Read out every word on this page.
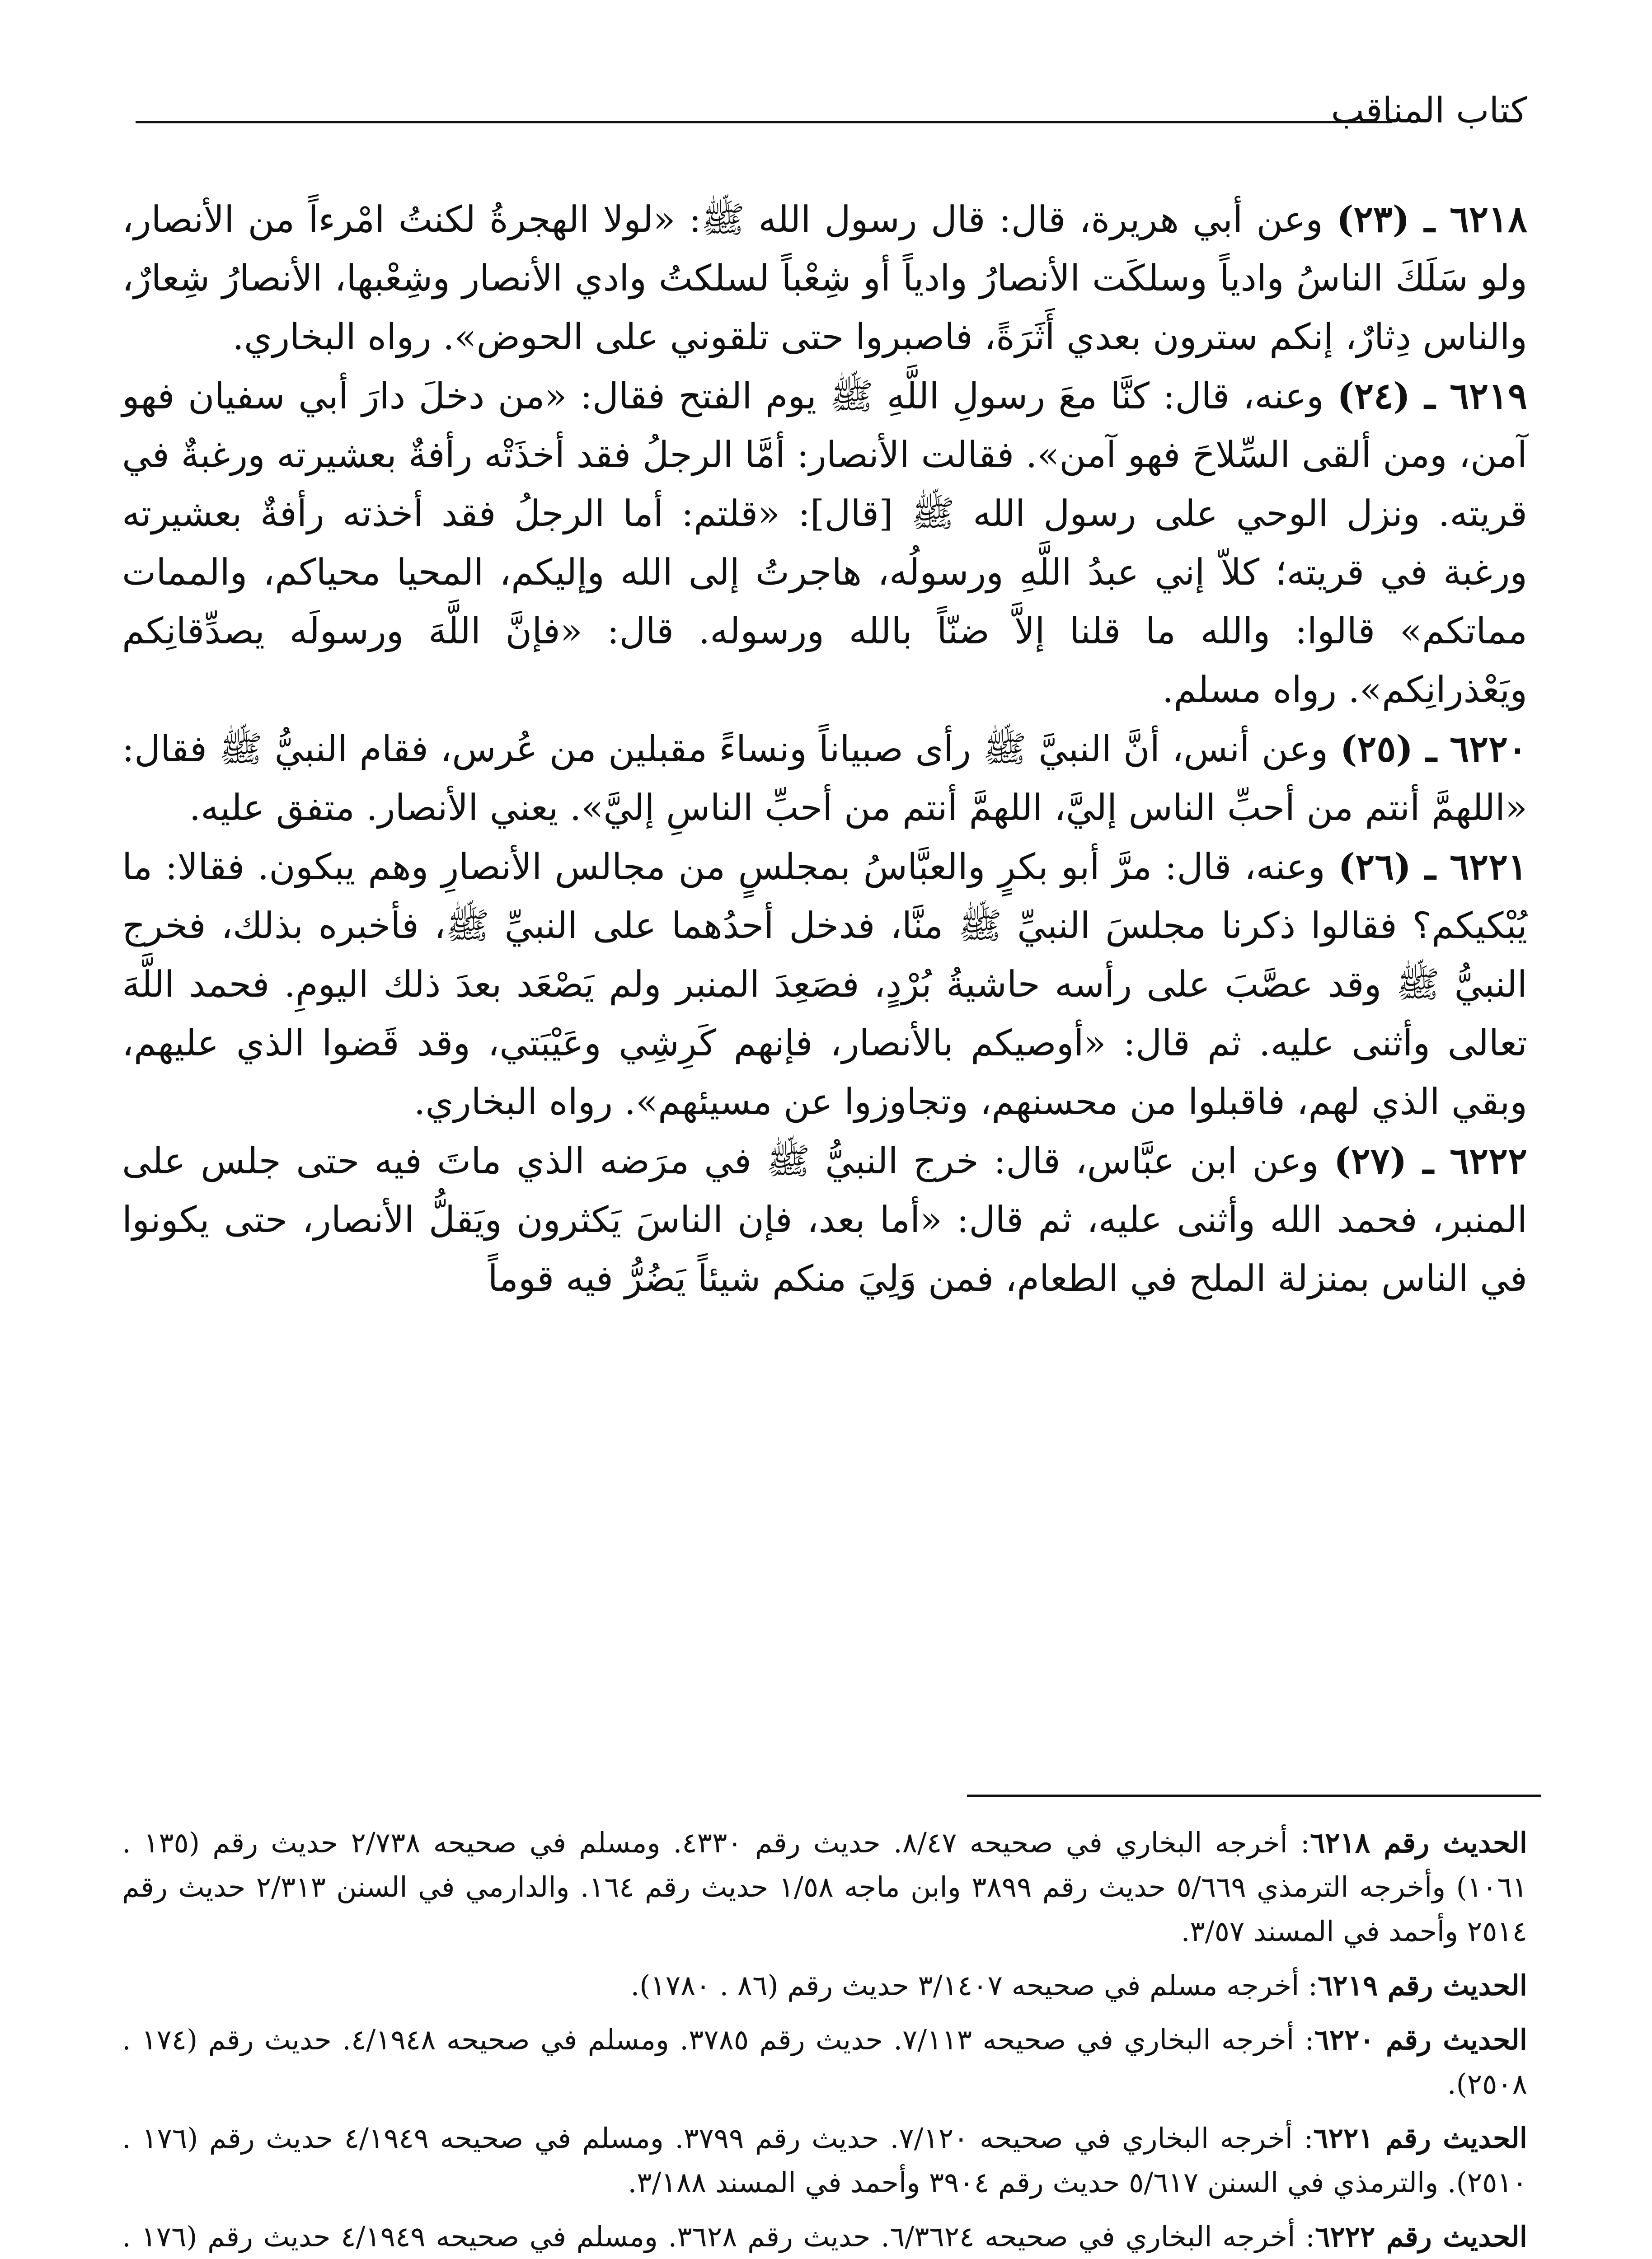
كتاب المناقب

٦٢١٨ ـ (٢٣) وعن أبي هريرة، قال: قال رسول الله ﷺ: «لولا الهجرةُ لكنتُ امْرءاً من الأنصار، ولو سَلَكَ الناسُ وادياً وسلكَت الأنصارُ وادياً أو شِعْباً لسلكتُ وادي الأنصار وشِعْبها، الأنصارُ شِعارٌ، والناس دِثارٌ، إنكم سترون بعدي أَثَرَةً، فاصبروا حتى تلقوني على الحوض». رواه البخاري.

٦٢١٩ ـ (٢٤) وعنه، قال: كنَّا معَ رسولِ اللَّهِ ﷺ يوم الفتح فقال: «من دخلَ دارَ أبي سفيان فهو آمن، ومن ألقى السِّلاحَ فهو آمن». فقالت الأنصار: أمَّا الرجلُ فقد أخذَتْه رأفةٌ بعشيرته ورغبةٌ في قريته. ونزل الوحي على رسول الله ﷺ [قال]: «قلتم: أما الرجلُ فقد أخذته رأفةٌ بعشيرته ورغبة في قريته؛ كلاّ إني عبدُ اللَّهِ ورسولُه، هاجرتُ إلى الله وإليكم، المحيا محياكم، والممات مماتكم» قالوا: والله ما قلنا إلاَّ ضنّاً بالله ورسوله. قال: «فإنَّ اللَّهَ ورسولَه يصدِّقانِكم ويَعْذرانِكم». رواه مسلم.

٦٢٢٠ ـ (٢٥) وعن أنس، أنَّ النبيَّ ﷺ رأى صبياناً ونساءً مقبلين من عُرس، فقام النبيُّ ﷺ فقال: «اللهمَّ أنتم من أحبِّ الناس إليَّ، اللهمَّ أنتم من أحبِّ الناسِ إليَّ». يعني الأنصار. متفق عليه.

٦٢٢١ ـ (٢٦) وعنه، قال: مرَّ أبو بكرٍ والعبَّاسُ بمجلسٍ من مجالس الأنصارِ وهم يبكون. فقالا: ما يُبْكيكم؟ فقالوا ذكرنا مجلسَ النبيِّ ﷺ منَّا، فدخل أحدُهما على النبيِّ ﷺ، فأخبره بذلك، فخرج النبيُّ ﷺ وقد عصَّبَ على رأسه حاشيةُ بُرْدٍ، فصَعِدَ المنبر ولم يَصْعَد بعدَ ذلك اليومِ. فحمد اللَّهَ تعالى وأثنى عليه. ثم قال: «أوصيكم بالأنصار، فإنهم كَرِشِي وعَيْبَتي، وقد قَضوا الذي عليهم، وبقي الذي لهم، فاقبلوا من محسنهم، وتجاوزوا عن مسيئهم». رواه البخاري.

٦٢٢٢ ـ (٢٧) وعن ابن عبَّاس، قال: خرج النبيُّ ﷺ في مرَضه الذي ماتَ فيه حتى جلس على المنبر، فحمد الله وأثنى عليه، ثم قال: «أما بعد، فإن الناسَ يَكثرون ويَقلُّ الأنصار، حتى يكونوا في الناس بمنزلة الملح في الطعام، فمن وَلِيَ منكم شيئاً يَضُرُّ فيه قوماً

الحديث رقم ٦٢١٨: أخرجه البخاري في صحيحه ٨/٤٧. حديث رقم ٤٣٣٠. ومسلم في صحيحه ٢/٧٣٨ حديث رقم (١٣٥ . ١٠٦١) وأخرجه الترمذي ٥/٦٦٩ حديث رقم ٣٨٩٩ وابن ماجه ١/٥٨ حديث رقم ١٦٤. والدارمي في السنن ٢/٣١٣ حديث رقم ٢٥١٤ وأحمد في المسند ٣/٥٧.

الحديث رقم ٦٢١٩: أخرجه مسلم في صحيحه ٣/١٤٠٧ حديث رقم (٨٦ . ١٧٨٠).

الحديث رقم ٦٢٢٠: أخرجه البخاري في صحيحه ٧/١١٣. حديث رقم ٣٧٨٥. ومسلم في صحيحه ٤/١٩٤٨. حديث رقم (١٧٤ . ٢٥٠٨).

الحديث رقم ٦٢٢١: أخرجه البخاري في صحيحه ٧/١٢٠. حديث رقم ٣٧٩٩. ومسلم في صحيحه ٤/١٩٤٩ حديث رقم (١٧٦ . ٢٥١٠). والترمذي في السنن ٥/٦١٧ حديث رقم ٣٩٠٤ وأحمد في المسند ٣/١٨٨.

الحديث رقم ٦٢٢٢: أخرجه البخاري في صحيحه ٦/٣٦٢٤. حديث رقم ٣٦٢٨. ومسلم في صحيحه ٤/١٩٤٩ حديث رقم (١٧٦ .
